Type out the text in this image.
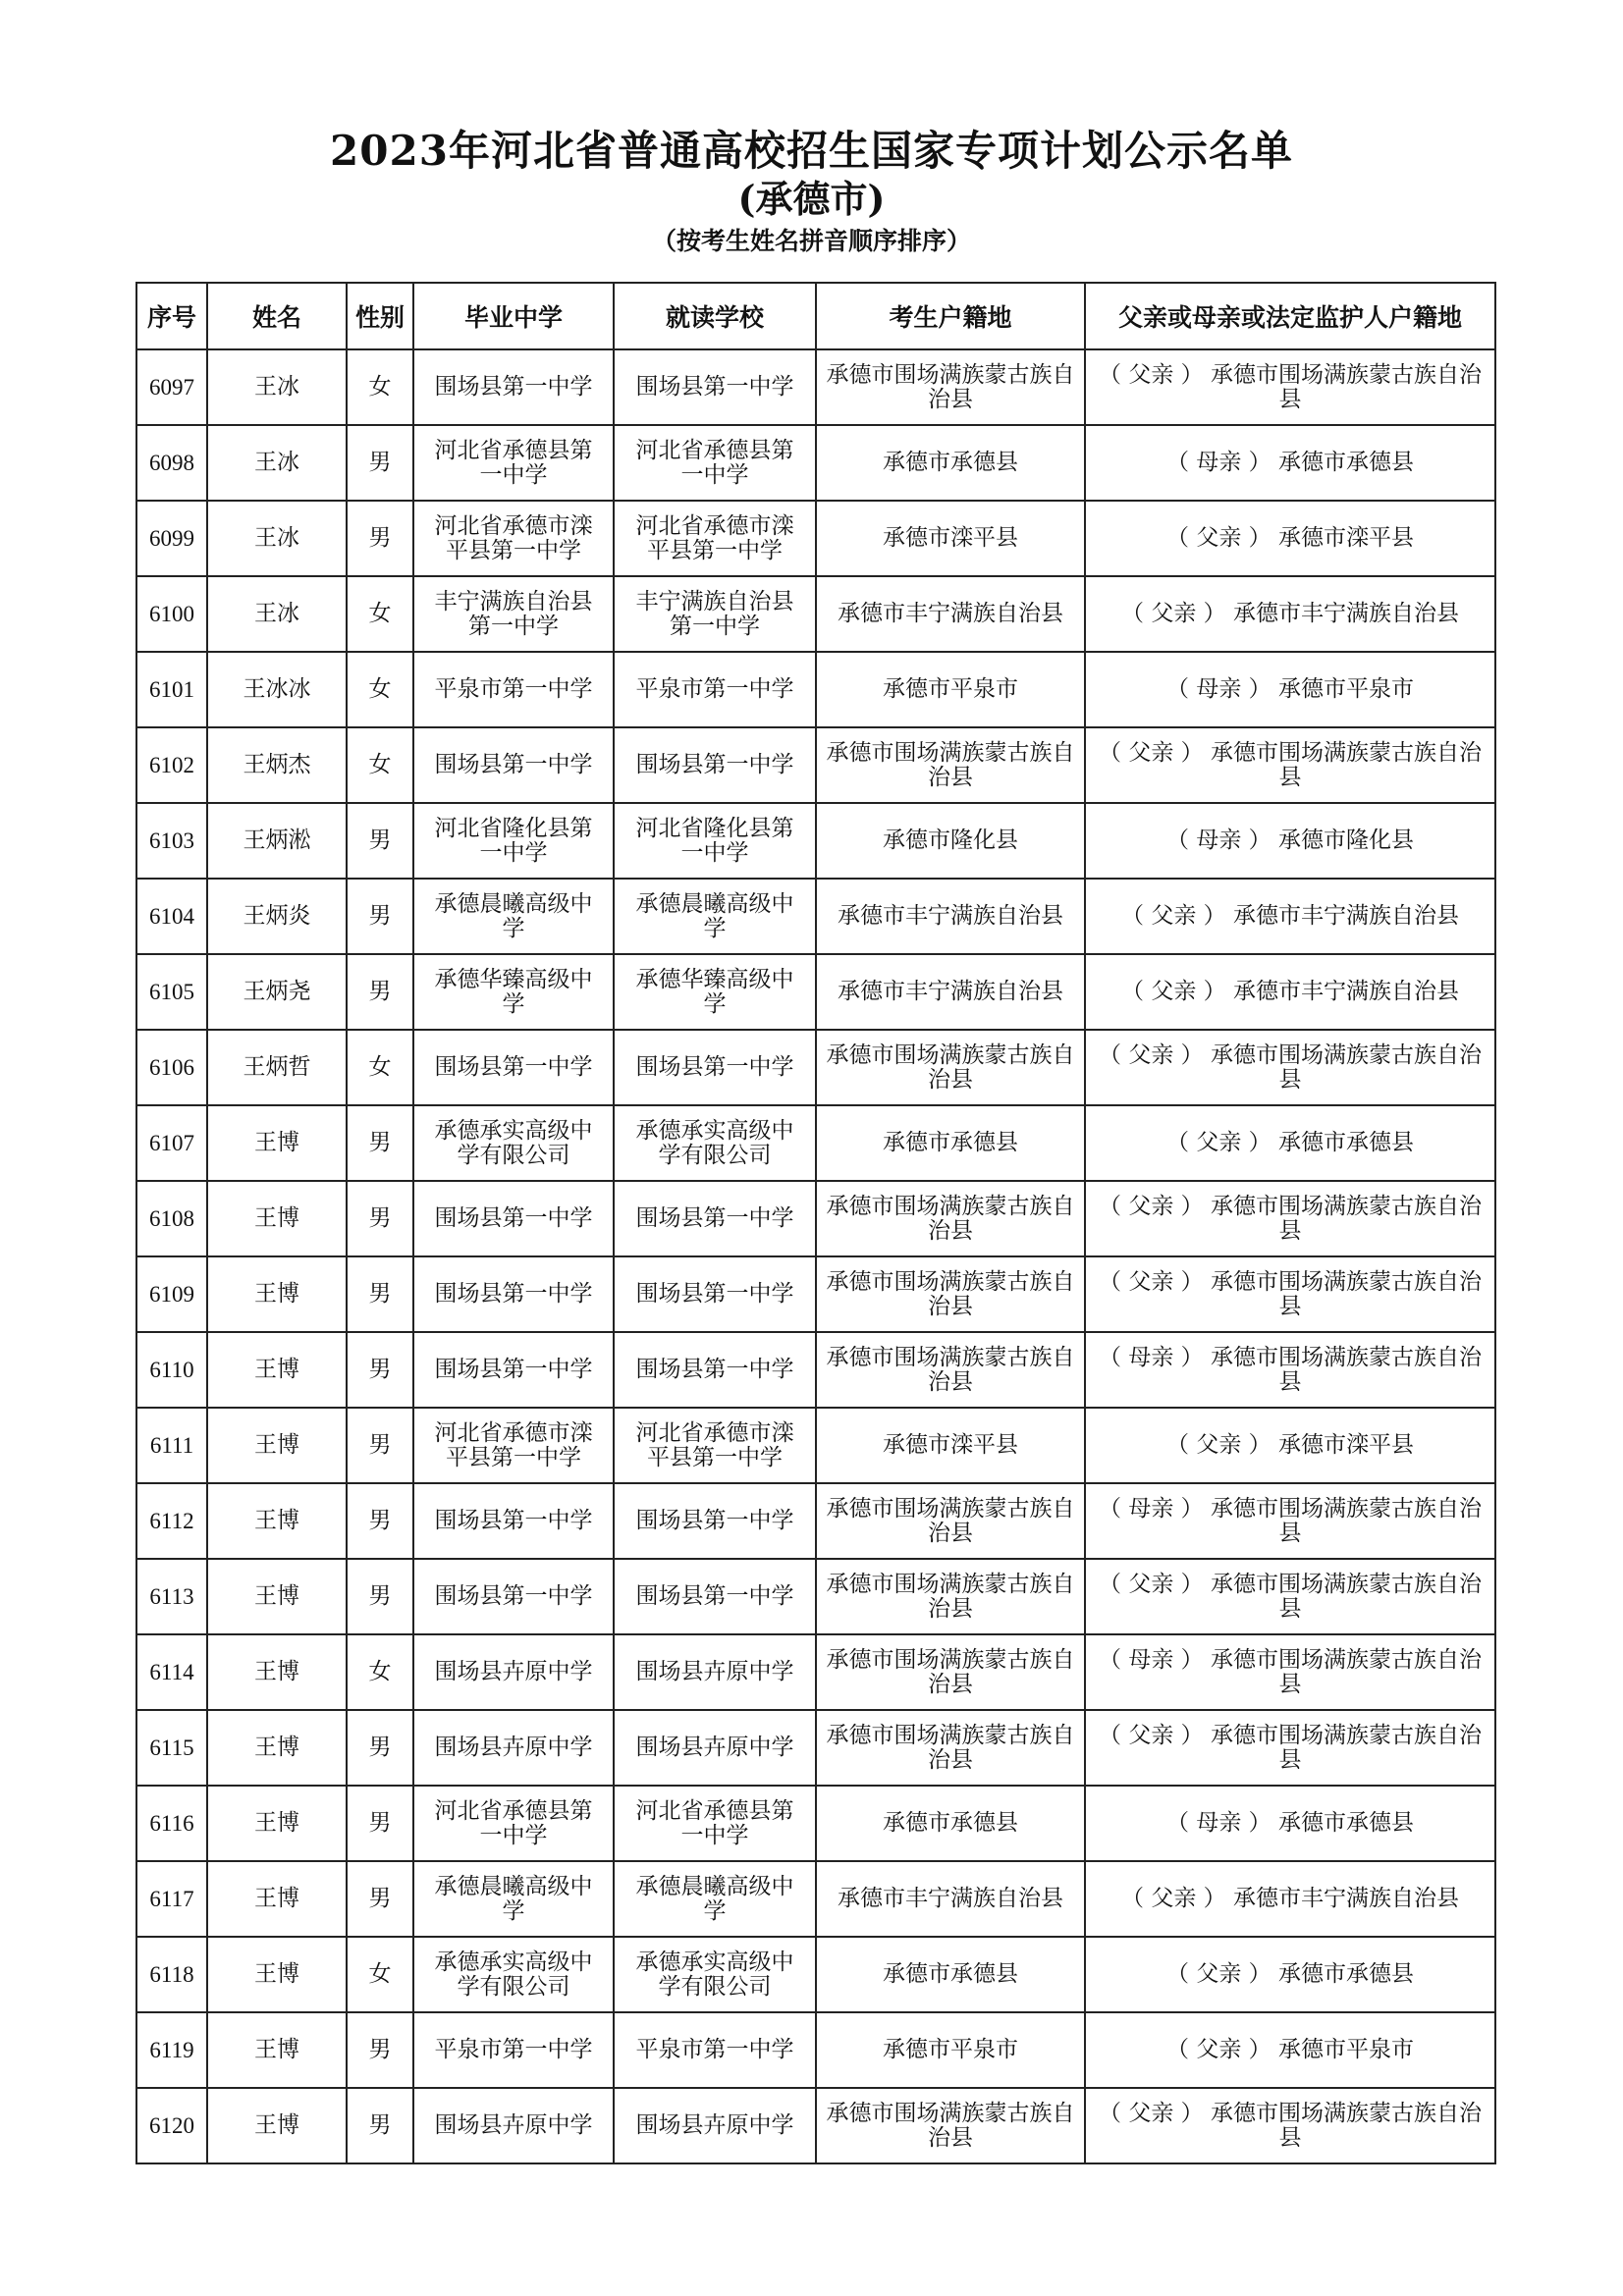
2023年河北省普通高校招生国家专项计划公示名单
(承德市)
（按考生姓名拼音顺序排序）
序号	姓名	性别	毕业中学	就读学校	考生户籍地	父亲或母亲或法定监护人户籍地
6097	王冰	女	围场县第一中学	围场县第一中学	承德市围场满族蒙古族自治县	（ 父亲 ） 承德市围场满族蒙古族自治县
6098	王冰	男	河北省承德县第一中学	河北省承德县第一中学	承德市承德县	（ 母亲 ） 承德市承德县
6099	王冰	男	河北省承德市滦平县第一中学	河北省承德市滦平县第一中学	承德市滦平县	（ 父亲 ） 承德市滦平县
6100	王冰	女	丰宁满族自治县第一中学	丰宁满族自治县第一中学	承德市丰宁满族自治县	（ 父亲 ） 承德市丰宁满族自治县
6101	王冰冰	女	平泉市第一中学	平泉市第一中学	承德市平泉市	（ 母亲 ） 承德市平泉市
6102	王炳杰	女	围场县第一中学	围场县第一中学	承德市围场满族蒙古族自治县	（ 父亲 ） 承德市围场满族蒙古族自治县
6103	王炳淞	男	河北省隆化县第一中学	河北省隆化县第一中学	承德市隆化县	（ 母亲 ） 承德市隆化县
6104	王炳炎	男	承德晨曦高级中学	承德晨曦高级中学	承德市丰宁满族自治县	（ 父亲 ） 承德市丰宁满族自治县
6105	王炳尧	男	承德华臻高级中学	承德华臻高级中学	承德市丰宁满族自治县	（ 父亲 ） 承德市丰宁满族自治县
6106	王炳哲	女	围场县第一中学	围场县第一中学	承德市围场满族蒙古族自治县	（ 父亲 ） 承德市围场满族蒙古族自治县
6107	王博	男	承德承实高级中学有限公司	承德承实高级中学有限公司	承德市承德县	（ 父亲 ） 承德市承德县
6108	王博	男	围场县第一中学	围场县第一中学	承德市围场满族蒙古族自治县	（ 父亲 ） 承德市围场满族蒙古族自治县
6109	王博	男	围场县第一中学	围场县第一中学	承德市围场满族蒙古族自治县	（ 父亲 ） 承德市围场满族蒙古族自治县
6110	王博	男	围场县第一中学	围场县第一中学	承德市围场满族蒙古族自治县	（ 母亲 ） 承德市围场满族蒙古族自治县
6111	王博	男	河北省承德市滦平县第一中学	河北省承德市滦平县第一中学	承德市滦平县	（ 父亲 ） 承德市滦平县
6112	王博	男	围场县第一中学	围场县第一中学	承德市围场满族蒙古族自治县	（ 母亲 ） 承德市围场满族蒙古族自治县
6113	王博	男	围场县第一中学	围场县第一中学	承德市围场满族蒙古族自治县	（ 父亲 ） 承德市围场满族蒙古族自治县
6114	王博	女	围场县卉原中学	围场县卉原中学	承德市围场满族蒙古族自治县	（ 母亲 ） 承德市围场满族蒙古族自治县
6115	王博	男	围场县卉原中学	围场县卉原中学	承德市围场满族蒙古族自治县	（ 父亲 ） 承德市围场满族蒙古族自治县
6116	王博	男	河北省承德县第一中学	河北省承德县第一中学	承德市承德县	（ 母亲 ） 承德市承德县
6117	王博	男	承德晨曦高级中学	承德晨曦高级中学	承德市丰宁满族自治县	（ 父亲 ） 承德市丰宁满族自治县
6118	王博	女	承德承实高级中学有限公司	承德承实高级中学有限公司	承德市承德县	（ 父亲 ） 承德市承德县
6119	王博	男	平泉市第一中学	平泉市第一中学	承德市平泉市	（ 父亲 ） 承德市平泉市
6120	王博	男	围场县卉原中学	围场县卉原中学	承德市围场满族蒙古族自治县	（ 父亲 ） 承德市围场满族蒙古族自治县
